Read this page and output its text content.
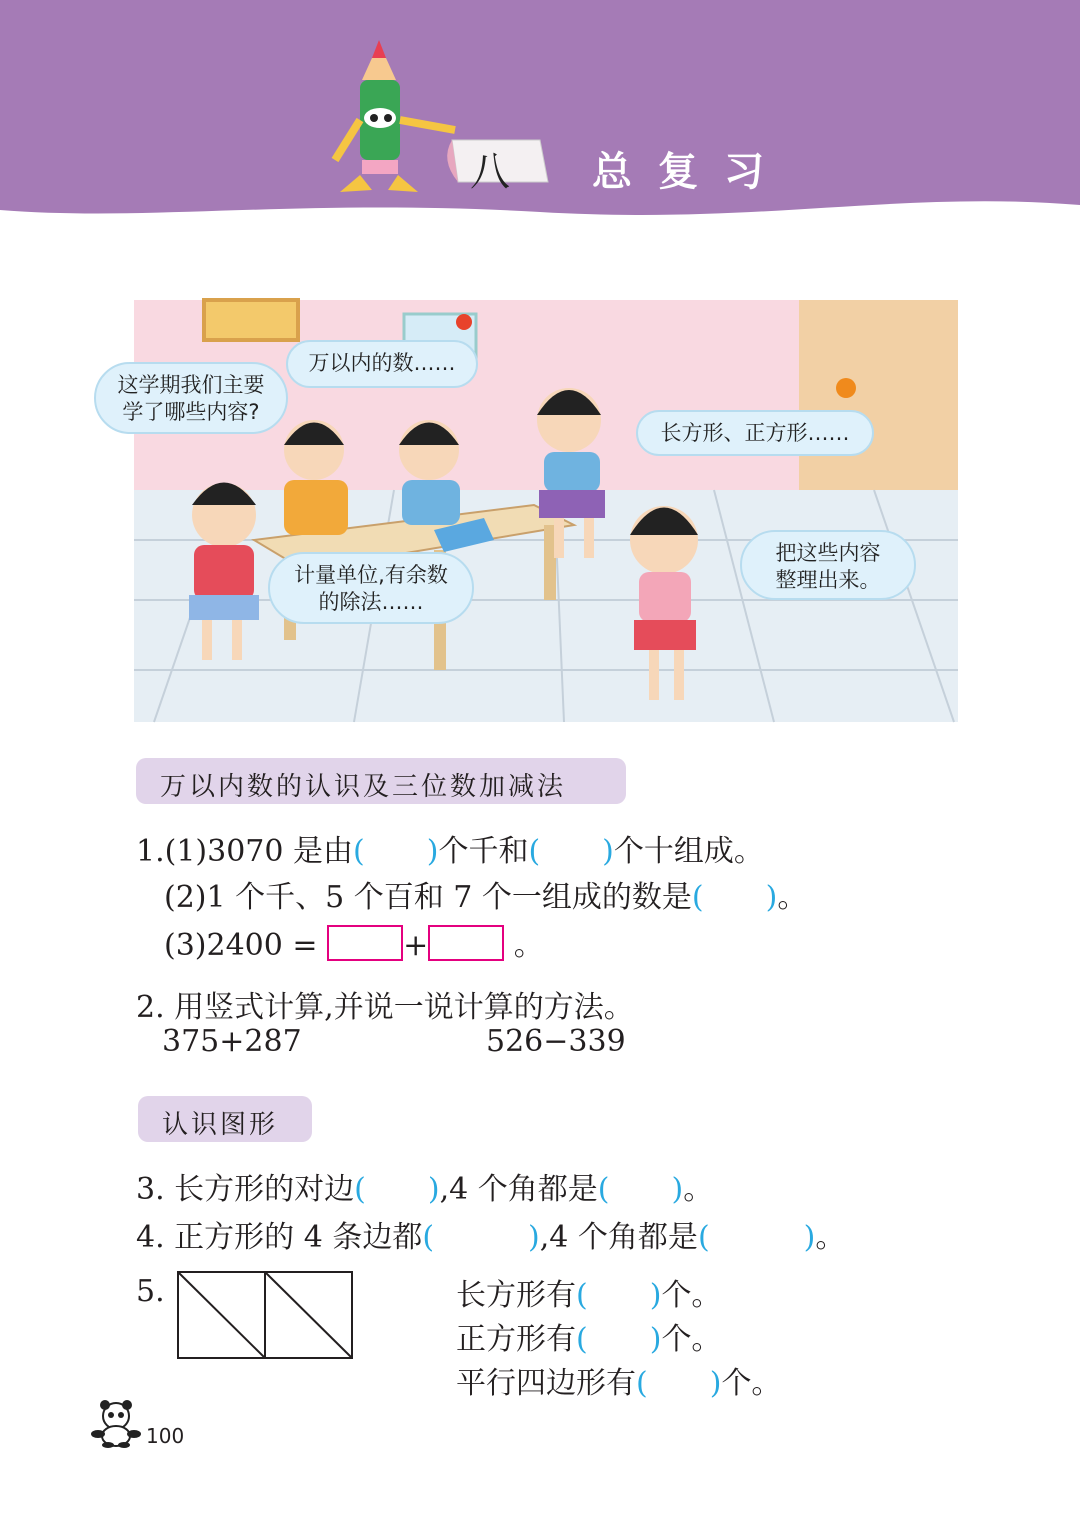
八 总复习
这学期我们主要
学了哪些内容?
万以内的数……
长方形、正方形……
计量单位,有余数
的除法……
把这些内容
整理出来。
万以内数的认识及三位数加减法
1.(1)3070 是由( )个千和( )个十组成。
(2)1 个千、5 个百和 7 个一组成的数是( )。
(3)2400 =	+	。
2. 用竖式计算,并说一说计算的方法。
375+287	526−339
认识图形
3. 长方形的对边( ),4 个角都是( )。
4. 正方形的 4 条边都(	),4 个角都是(	)。
5.	长方形有( )个。
正方形有( )个。
平行四边形有( )个。
100
